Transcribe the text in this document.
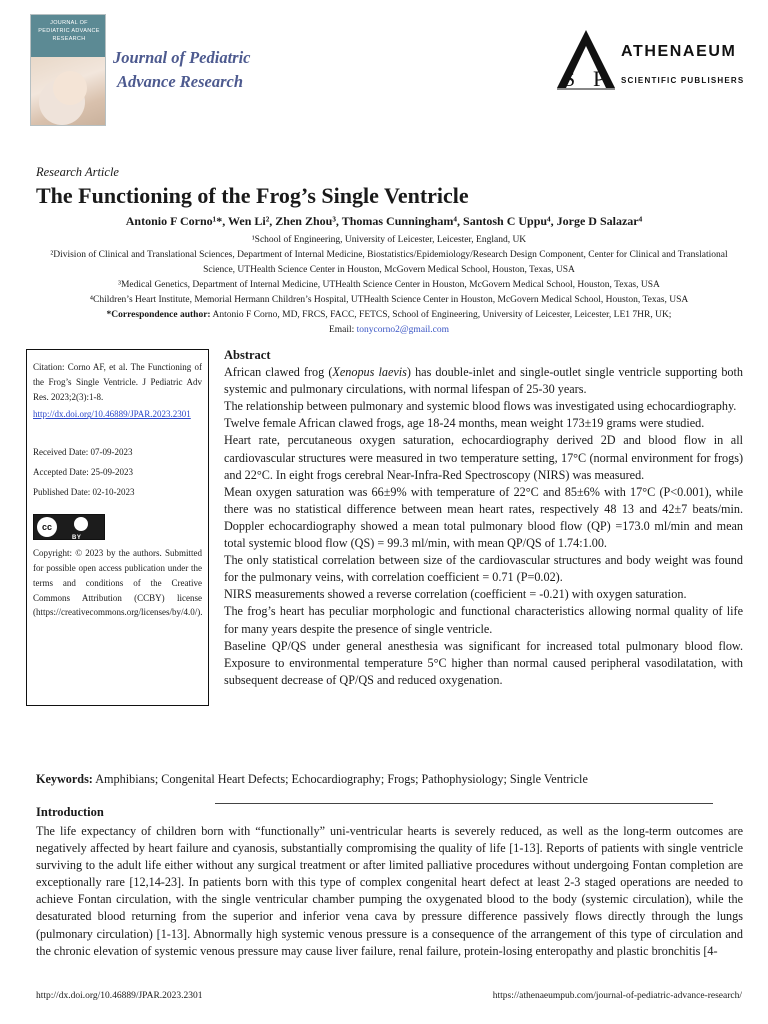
JOURNAL OF PEDIATRIC ADVANCE RESEARCH
Journal of Pediatric
Advance Research	S P
ATHENAEUM
SCIENTIFIC PUBLISHERS
Research Article
The Functioning of the Frog’s Single Ventricle
Antonio F Corno¹*, Wen Li², Zhen Zhou³, Thomas Cunningham⁴, Santosh C Uppu⁴, Jorge D Salazar⁴
¹School of Engineering, University of Leicester, Leicester, England, UK
²Division of Clinical and Translational Sciences, Department of Internal Medicine, Biostatistics/Epidemiology/Research Design Component, Center for Clinical and Translational Science, UTHealth Science Center in Houston, McGovern Medical School, Houston, Texas, USA
³Medical Genetics, Department of Internal Medicine, UTHealth Science Center in Houston, McGovern Medical School, Houston, Texas, USA
⁴Children’s Heart Institute, Memorial Hermann Children’s Hospital, UTHealth Science Center in Houston, McGovern Medical School, Houston, Texas, USA
*Correspondence author: Antonio F Corno, MD, FRCS, FACC, FETCS, School of Engineering, University of Leicester, Leicester, LE1 7HR, UK;
Email: tonycorno2@gmail.com
Citation: Corno AF, et al. The Functioning of the Frog’s Single Ventricle. J Pediatric Adv Res. 2023;2(3):1-8.
http://dx.doi.org/10.46889/JPAR.2023.2301
Received Date: 07-09-2023
Accepted Date: 25-09-2023
Published Date: 02-10-2023
cc
BY
Copyright: © 2023 by the authors. Submitted for possible open access publication under the terms and conditions of the Creative Commons Attribution (CCBY) license (https://creativecommons.org/licenses/by/4.0/).
Abstract

African clawed frog (Xenopus laevis) has double-inlet and single-outlet single ventricle supporting both systemic and pulmonary circulations, with normal lifespan of 25-30 years.

The relationship between pulmonary and systemic blood flows was investigated using echocardiography.

Twelve female African clawed frogs, age 18-24 months, mean weight 173±19 grams were studied.

Heart rate, percutaneous oxygen saturation, echocardiography derived 2D and blood flow in all cardiovascular structures were measured in two temperature setting, 17°C (normal environment for frogs) and 22°C. In eight frogs cerebral Near-Infra-Red Spectroscopy (NIRS) was measured.

Mean oxygen saturation was 66±9% with temperature of 22°C and 85±6% with 17°C (P<0.001), while there was no statistical difference between mean heart rates, respectively 48 13 and 42±7 beats/min. Doppler echocardiography showed a mean total pulmonary blood flow (QP) =173.0 ml/min and mean total systemic blood flow (QS) = 99.3 ml/min, with mean QP/QS of 1.74:1.00.

The only statistical correlation between size of the cardiovascular structures and body weight was found for the pulmonary veins, with correlation coefficient = 0.71 (P=0.02).

NIRS measurements showed a reverse correlation (coefficient = -0.21) with oxygen saturation.

The frog’s heart has peculiar morphologic and functional characteristics allowing normal quality of life for many years despite the presence of single ventricle.

Baseline QP/QS under general anesthesia was significant for increased total pulmonary blood flow. Exposure to environmental temperature 5°C higher than normal caused peripheral vasodilatation, with subsequent decrease of QP/QS and reduced oxygenation.

Keywords: Amphibians; Congenital Heart Defects; Echocardiography; Frogs; Pathophysiology; Single Ventricle
Introduction
The life expectancy of children born with “functionally” uni-ventricular hearts is severely reduced, as well as the long-term outcomes are negatively affected by heart failure and cyanosis, substantially compromising the quality of life [1-13]. Reports of patients with single ventricle surviving to the adult life either without any surgical treatment or after limited palliative procedures without undergoing Fontan completion are exceptionally rare [12,14-23]. In patients born with this type of complex congenital heart defect at least 2-3 staged operations are needed to achieve Fontan circulation, with the single ventricular chamber pumping the oxygenated blood to the body (systemic circulation), while the desaturated blood returning from the superior and inferior vena cava by pressure difference passively flows directly through the lungs (pulmonary circulation) [1-13]. Abnormally high systemic venous pressure is a consequence of the arrangement of this type of circulation and the chronic elevation of systemic venous pressure may cause liver failure, renal failure, protein-losing enteropathy and plastic bronchitis [4-
http://dx.doi.org/10.46889/JPAR.2023.2301	https://athenaeumpub.com/journal-of-pediatric-advance-research/
